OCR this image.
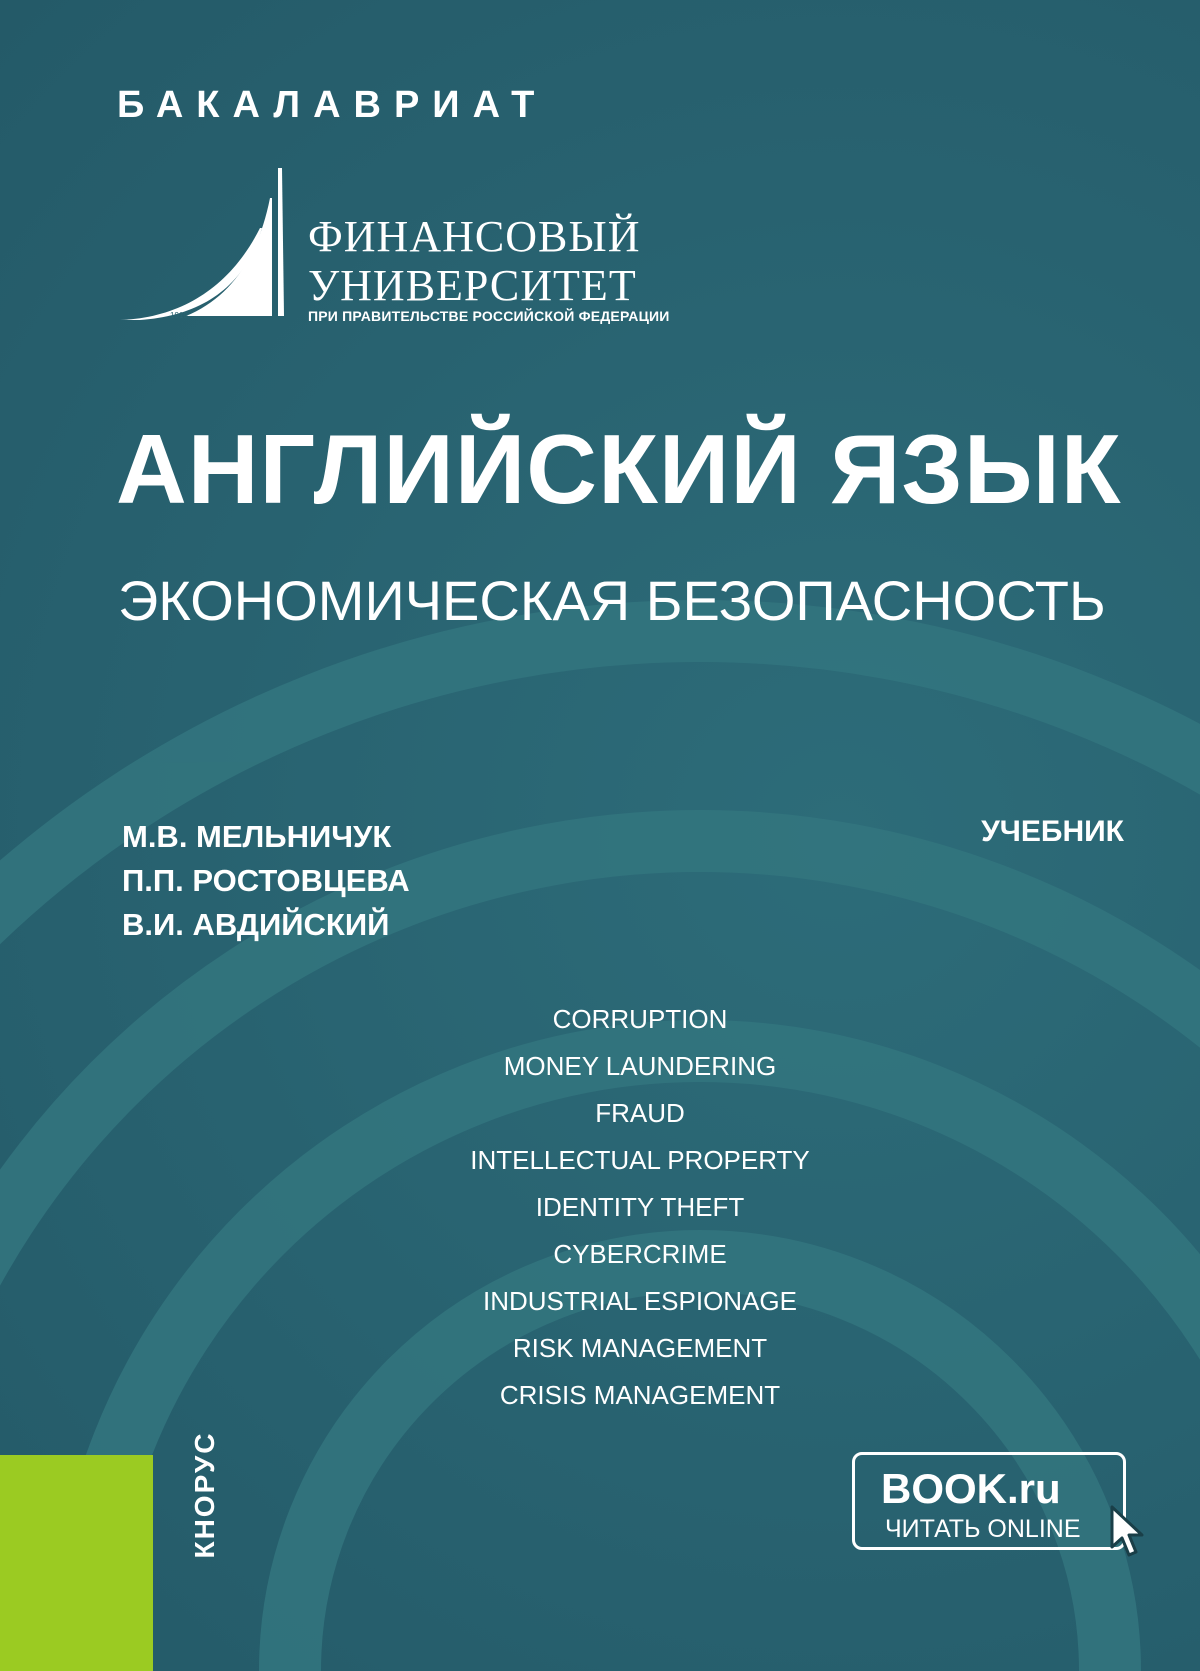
БАКАЛАВРИАТ
1919
ФИНАНСОВЫЙ
УНИВЕРСИТЕТ
ПРИ ПРАВИТЕЛЬСТВЕ РОССИЙСКОЙ ФЕДЕРАЦИИ
АНГЛИЙСКИЙ ЯЗЫК
ЭКОНОМИЧЕСКАЯ БЕЗОПАСНОСТЬ
М.В. МЕЛЬНИЧУК
П.П. РОСТОВЦЕВА
В.И. АВДИЙСКИЙ
УЧЕБНИК
CORRUPTION
MONEY LAUNDERING
FRAUD
INTELLECTUAL PROPERTY
IDENTITY THEFT
CYBERCRIME
INDUSTRIAL ESPIONAGE
RISK MANAGEMENT
CRISIS MANAGEMENT
КНОРУС	BOOK.ru
ЧИТАТЬ ONLINE
